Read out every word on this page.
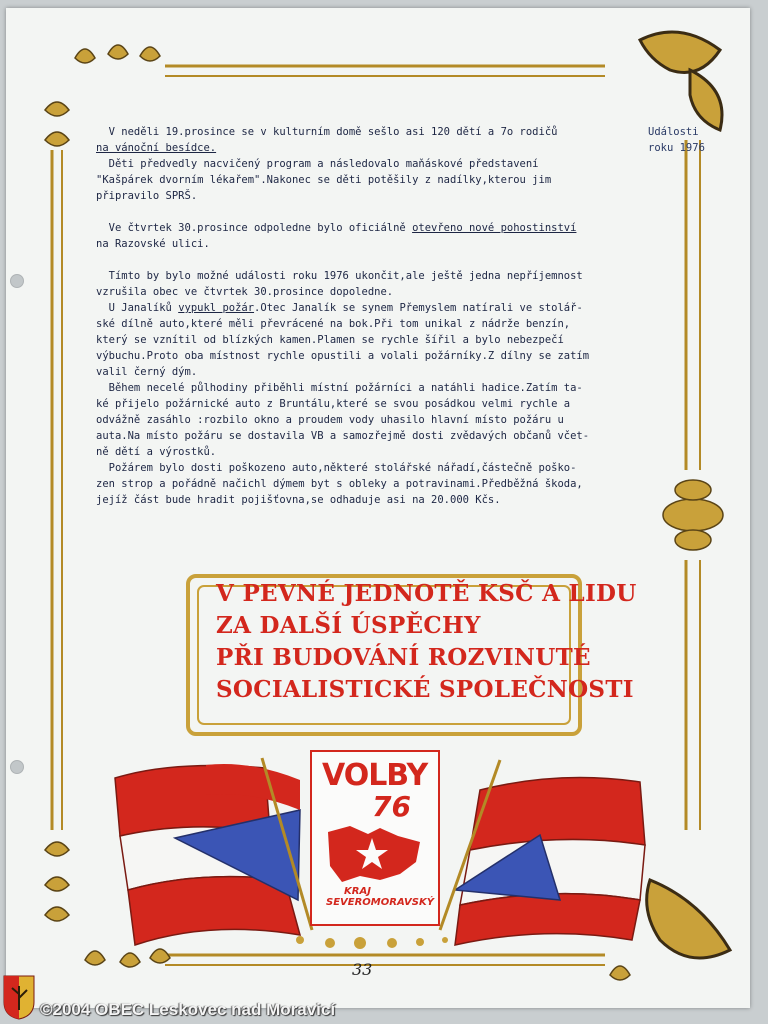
Události
roku 1976

V neděli 19.prosince se v kulturním domě sešlo asi 120 dětí a 7o rodičů

na vánoční besídce.

Děti předvedly nacvičený program a následovalo maňáskové představení

"Kašpárek dvorním lékařem".Nakonec se děti potěšily z nadílky,kterou jim

připravilo SPRŠ.

Ve čtvrtek 30.prosince odpoledne bylo oficiálně otevřeno nové pohostinství

na Razovské ulici.

Tímto by bylo možné události roku 1976 ukončit,ale ještě jedna nepříjemnost

vzrušila obec ve čtvrtek 30.prosince dopoledne.

U Janalíků vypukl požár.Otec Janalík se synem Přemyslem natírali ve stolář-

ské dílně auto,které měli převrácené na bok.Při tom unikal z nádrže benzín,

který se vznítil od blízkých kamen.Plamen se rychle šířil a bylo nebezpečí

výbuchu.Proto oba místnost rychle opustili a volali požárníky.Z dílny se zatím

valil černý dým.

Během necelé půlhodiny přiběhli místní požárníci a natáhli hadice.Zatím ta-

ké přijelo požárnické auto z Bruntálu,které se svou posádkou velmi rychle a

odvážně zasáhlo :rozbilo okno a proudem vody uhasilo hlavní místo požáru u

auta.Na místo požáru se dostavila VB a samozřejmě dosti zvědavých občanů včet-

ně dětí a výrostků.

Požárem bylo dosti poškozeno auto,některé stolářské nářadí,částečně poško-

zen strop a pořádně načichl dýmem byt s obleky a potravinami.Předběžná škoda,

jejíž část bude hradit pojišťovna,se odhaduje asi na 20.000 Kčs.

V PEVNÉ JEDNOTĚ KSČ A LIDU
ZA DALŠÍ ÚSPĚCHY
PŘI BUDOVÁNÍ ROZVINUTÉ
SOCIALISTICKÉ SPOLEČNOSTI
VOLBY
76
KRAJ
SEVEROMORAVSKÝ
33
©2004 OBEC Leskovec nad Moravicí
